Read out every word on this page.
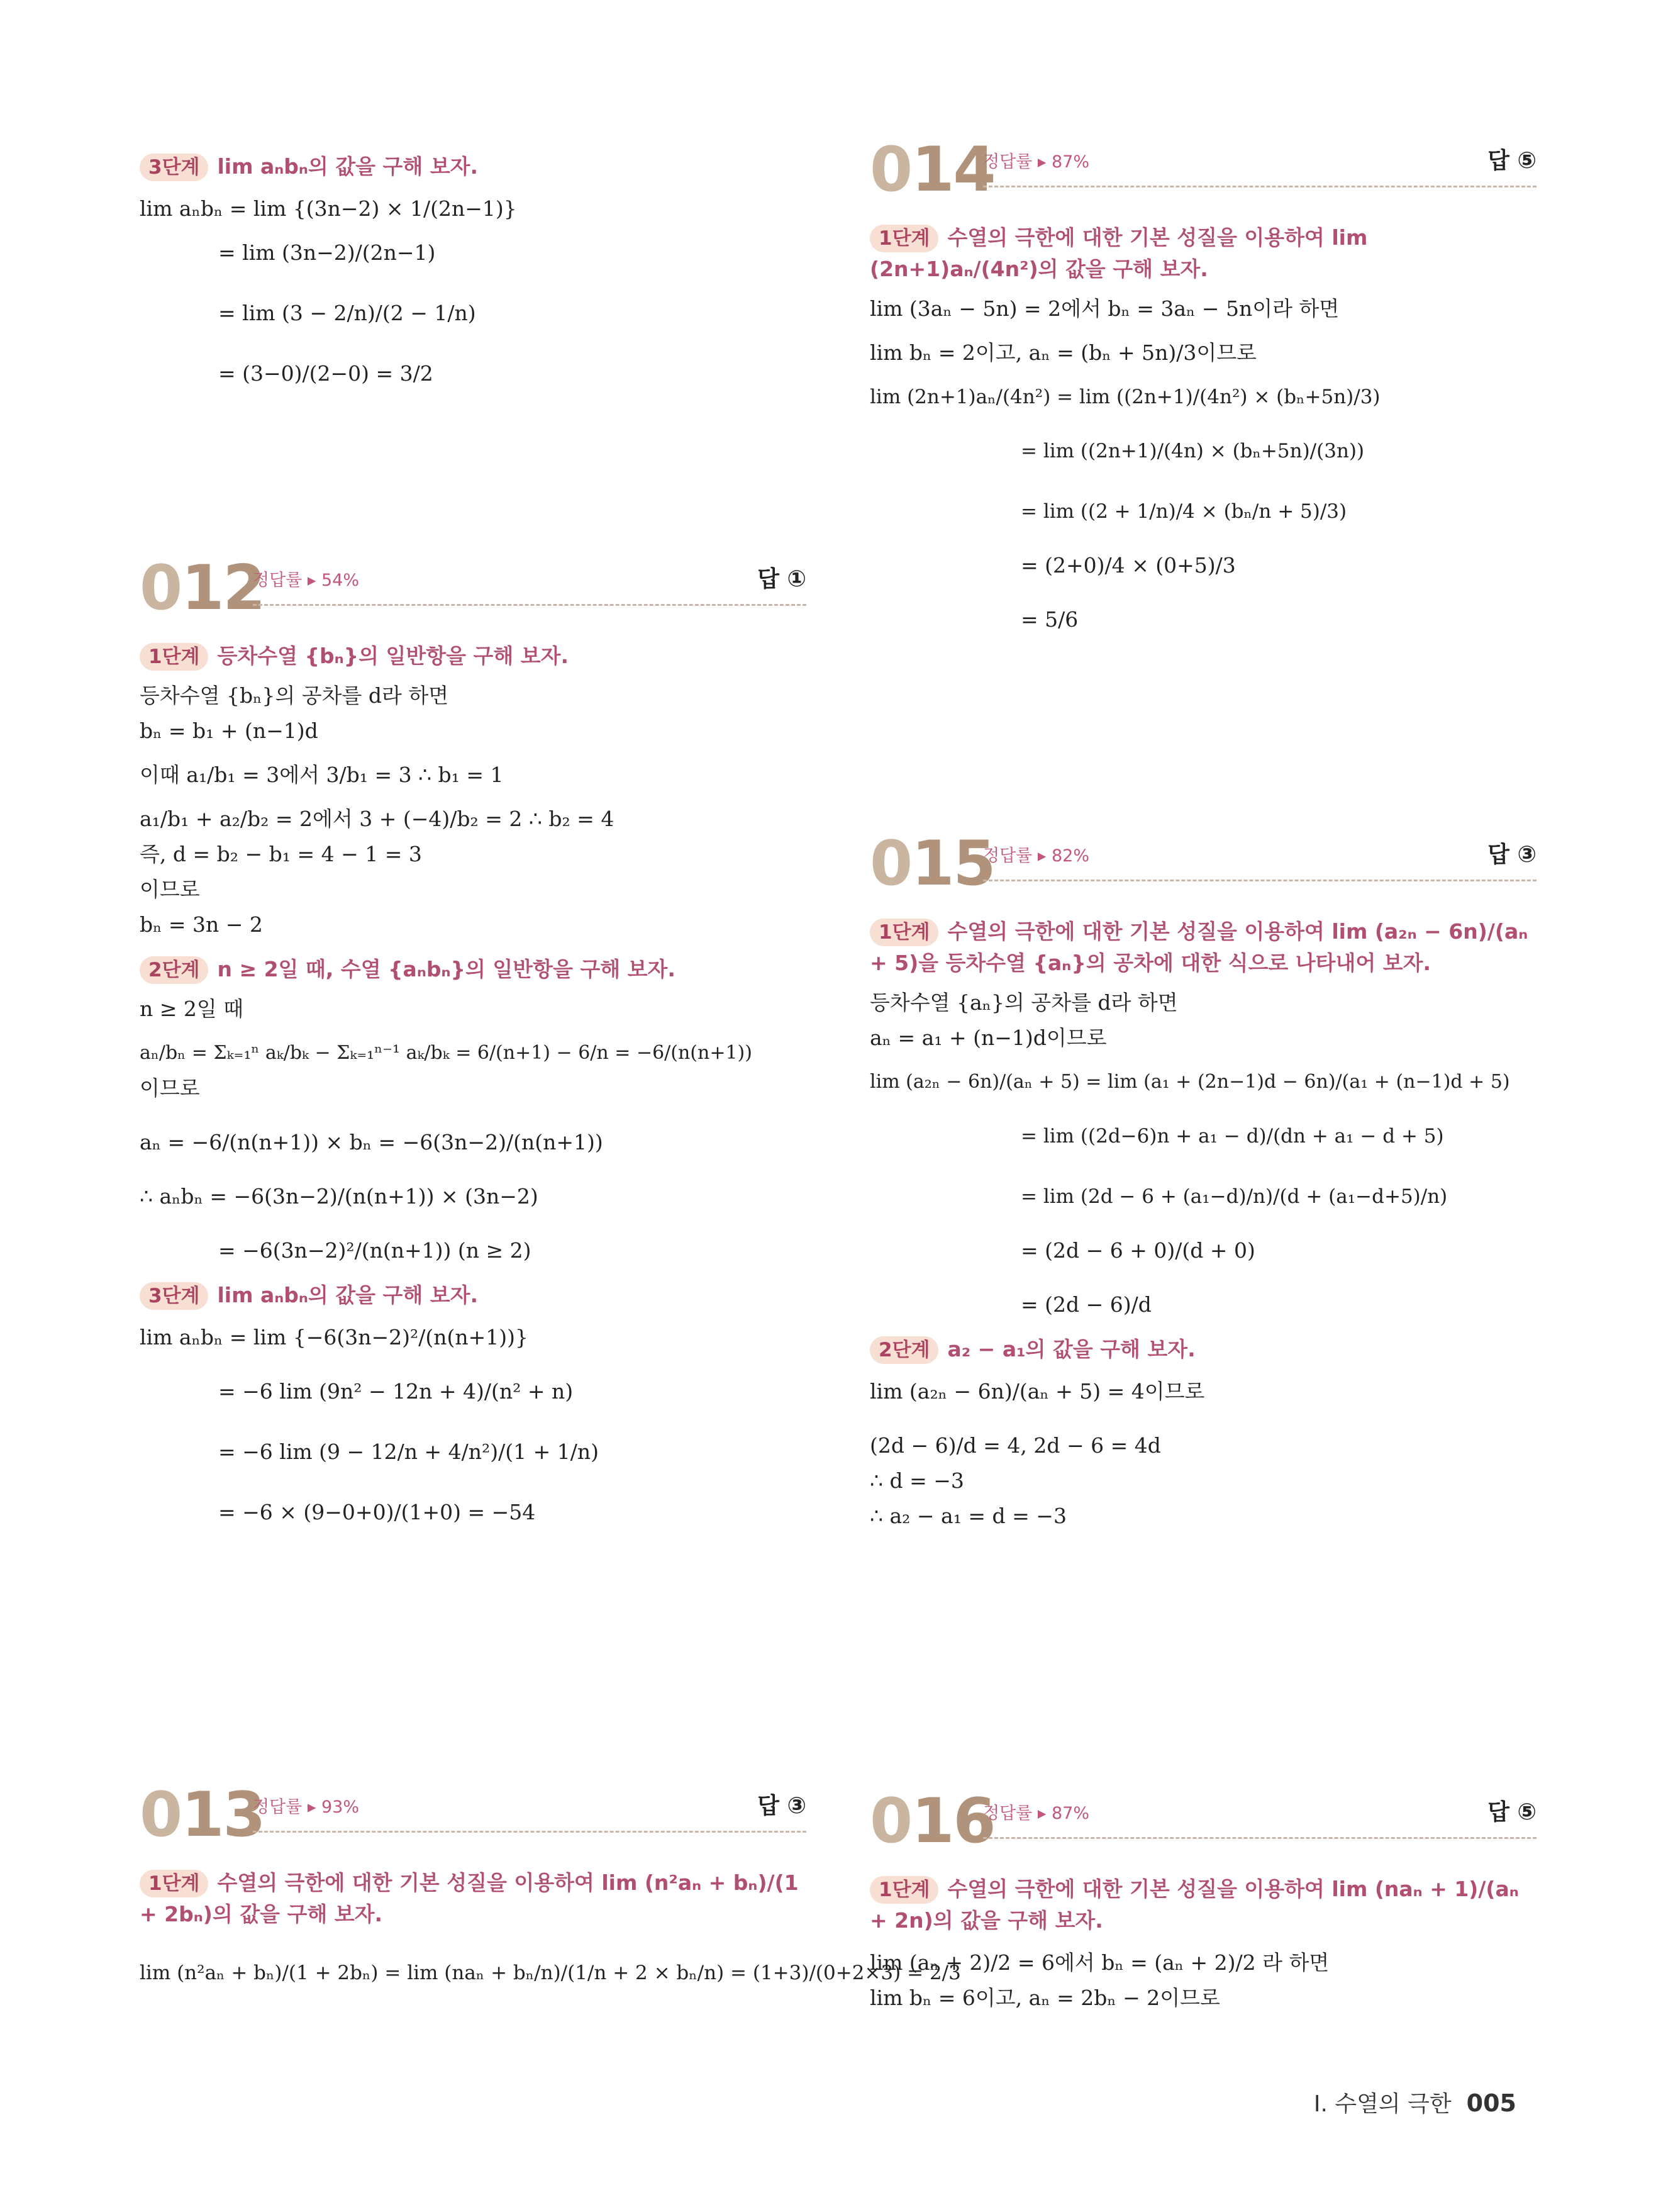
3단계 lim aₙbₙ의 값을 구해 보자.
lim aₙbₙ = lim {(3n−2) × 1/(2n−1)}
= lim (3n−2)/(2n−1)
= lim (3 − 2/n)/(2 − 1/n)
= (3−0)/(2−0) = 3/2
012
정답률 ▸ 54%	답 ①
1단계 등차수열 {bₙ}의 일반항을 구해 보자.
등차수열 {bₙ}의 공차를 d라 하면
bₙ = b₁ + (n−1)d
이때 a₁/b₁ = 3에서 3/b₁ = 3 ∴ b₁ = 1
a₁/b₁ + a₂/b₂ = 2에서 3 + (−4)/b₂ = 2 ∴ b₂ = 4
즉, d = b₂ − b₁ = 4 − 1 = 3
이므로
bₙ = 3n − 2
2단계 n ≥ 2일 때, 수열 {aₙbₙ}의 일반항을 구해 보자.
n ≥ 2일 때
aₙ/bₙ = Σₖ₌₁ⁿ aₖ/bₖ − Σₖ₌₁ⁿ⁻¹ aₖ/bₖ = 6/(n+1) − 6/n = −6/(n(n+1))
이므로
aₙ = −6/(n(n+1)) × bₙ = −6(3n−2)/(n(n+1))
∴ aₙbₙ = −6(3n−2)/(n(n+1)) × (3n−2)
= −6(3n−2)²/(n(n+1)) (n ≥ 2)
3단계 lim aₙbₙ의 값을 구해 보자.
lim aₙbₙ = lim {−6(3n−2)²/(n(n+1))}
= −6 lim (9n² − 12n + 4)/(n² + n)
= −6 lim (9 − 12/n + 4/n²)/(1 + 1/n)
= −6 × (9−0+0)/(1+0) = −54
013
정답률 ▸ 93%	답 ③
1단계 수열의 극한에 대한 기본 성질을 이용하여 lim (n²aₙ + bₙ)/(1 + 2bₙ)의 값을 구해 보자.
lim (n²aₙ + bₙ)/(1 + 2bₙ) = lim (naₙ + bₙ/n)/(1/n + 2 × bₙ/n) = (1+3)/(0+2×3) = 2/3
014
정답률 ▸ 87%	답 ⑤
1단계 수열의 극한에 대한 기본 성질을 이용하여 lim (2n+1)aₙ/(4n²)의 값을 구해 보자.
lim (3aₙ − 5n) = 2에서 bₙ = 3aₙ − 5n이라 하면
lim bₙ = 2이고, aₙ = (bₙ + 5n)/3이므로
lim (2n+1)aₙ/(4n²) = lim ((2n+1)/(4n²) × (bₙ+5n)/3)
= lim ((2n+1)/(4n) × (bₙ+5n)/(3n))
= lim ((2 + 1/n)/4 × (bₙ/n + 5)/3)
= (2+0)/4 × (0+5)/3
= 5/6
015
정답률 ▸ 82%	답 ③
1단계 수열의 극한에 대한 기본 성질을 이용하여 lim (a₂ₙ − 6n)/(aₙ + 5)을 등차수열 {aₙ}의 공차에 대한 식으로 나타내어 보자.
등차수열 {aₙ}의 공차를 d라 하면
aₙ = a₁ + (n−1)d이므로
lim (a₂ₙ − 6n)/(aₙ + 5) = lim (a₁ + (2n−1)d − 6n)/(a₁ + (n−1)d + 5)
= lim ((2d−6)n + a₁ − d)/(dn + a₁ − d + 5)
= lim (2d − 6 + (a₁−d)/n)/(d + (a₁−d+5)/n)
= (2d − 6 + 0)/(d + 0)
= (2d − 6)/d
2단계 a₂ − a₁의 값을 구해 보자.
lim (a₂ₙ − 6n)/(aₙ + 5) = 4이므로
(2d − 6)/d = 4, 2d − 6 = 4d
∴ d = −3
∴ a₂ − a₁ = d = −3
016
정답률 ▸ 87%	답 ⑤
1단계 수열의 극한에 대한 기본 성질을 이용하여 lim (naₙ + 1)/(aₙ + 2n)의 값을 구해 보자.
lim (aₙ + 2)/2 = 6에서 bₙ = (aₙ + 2)/2 라 하면
lim bₙ = 6이고, aₙ = 2bₙ − 2이므로
Ⅰ. 수열의 극한 005
